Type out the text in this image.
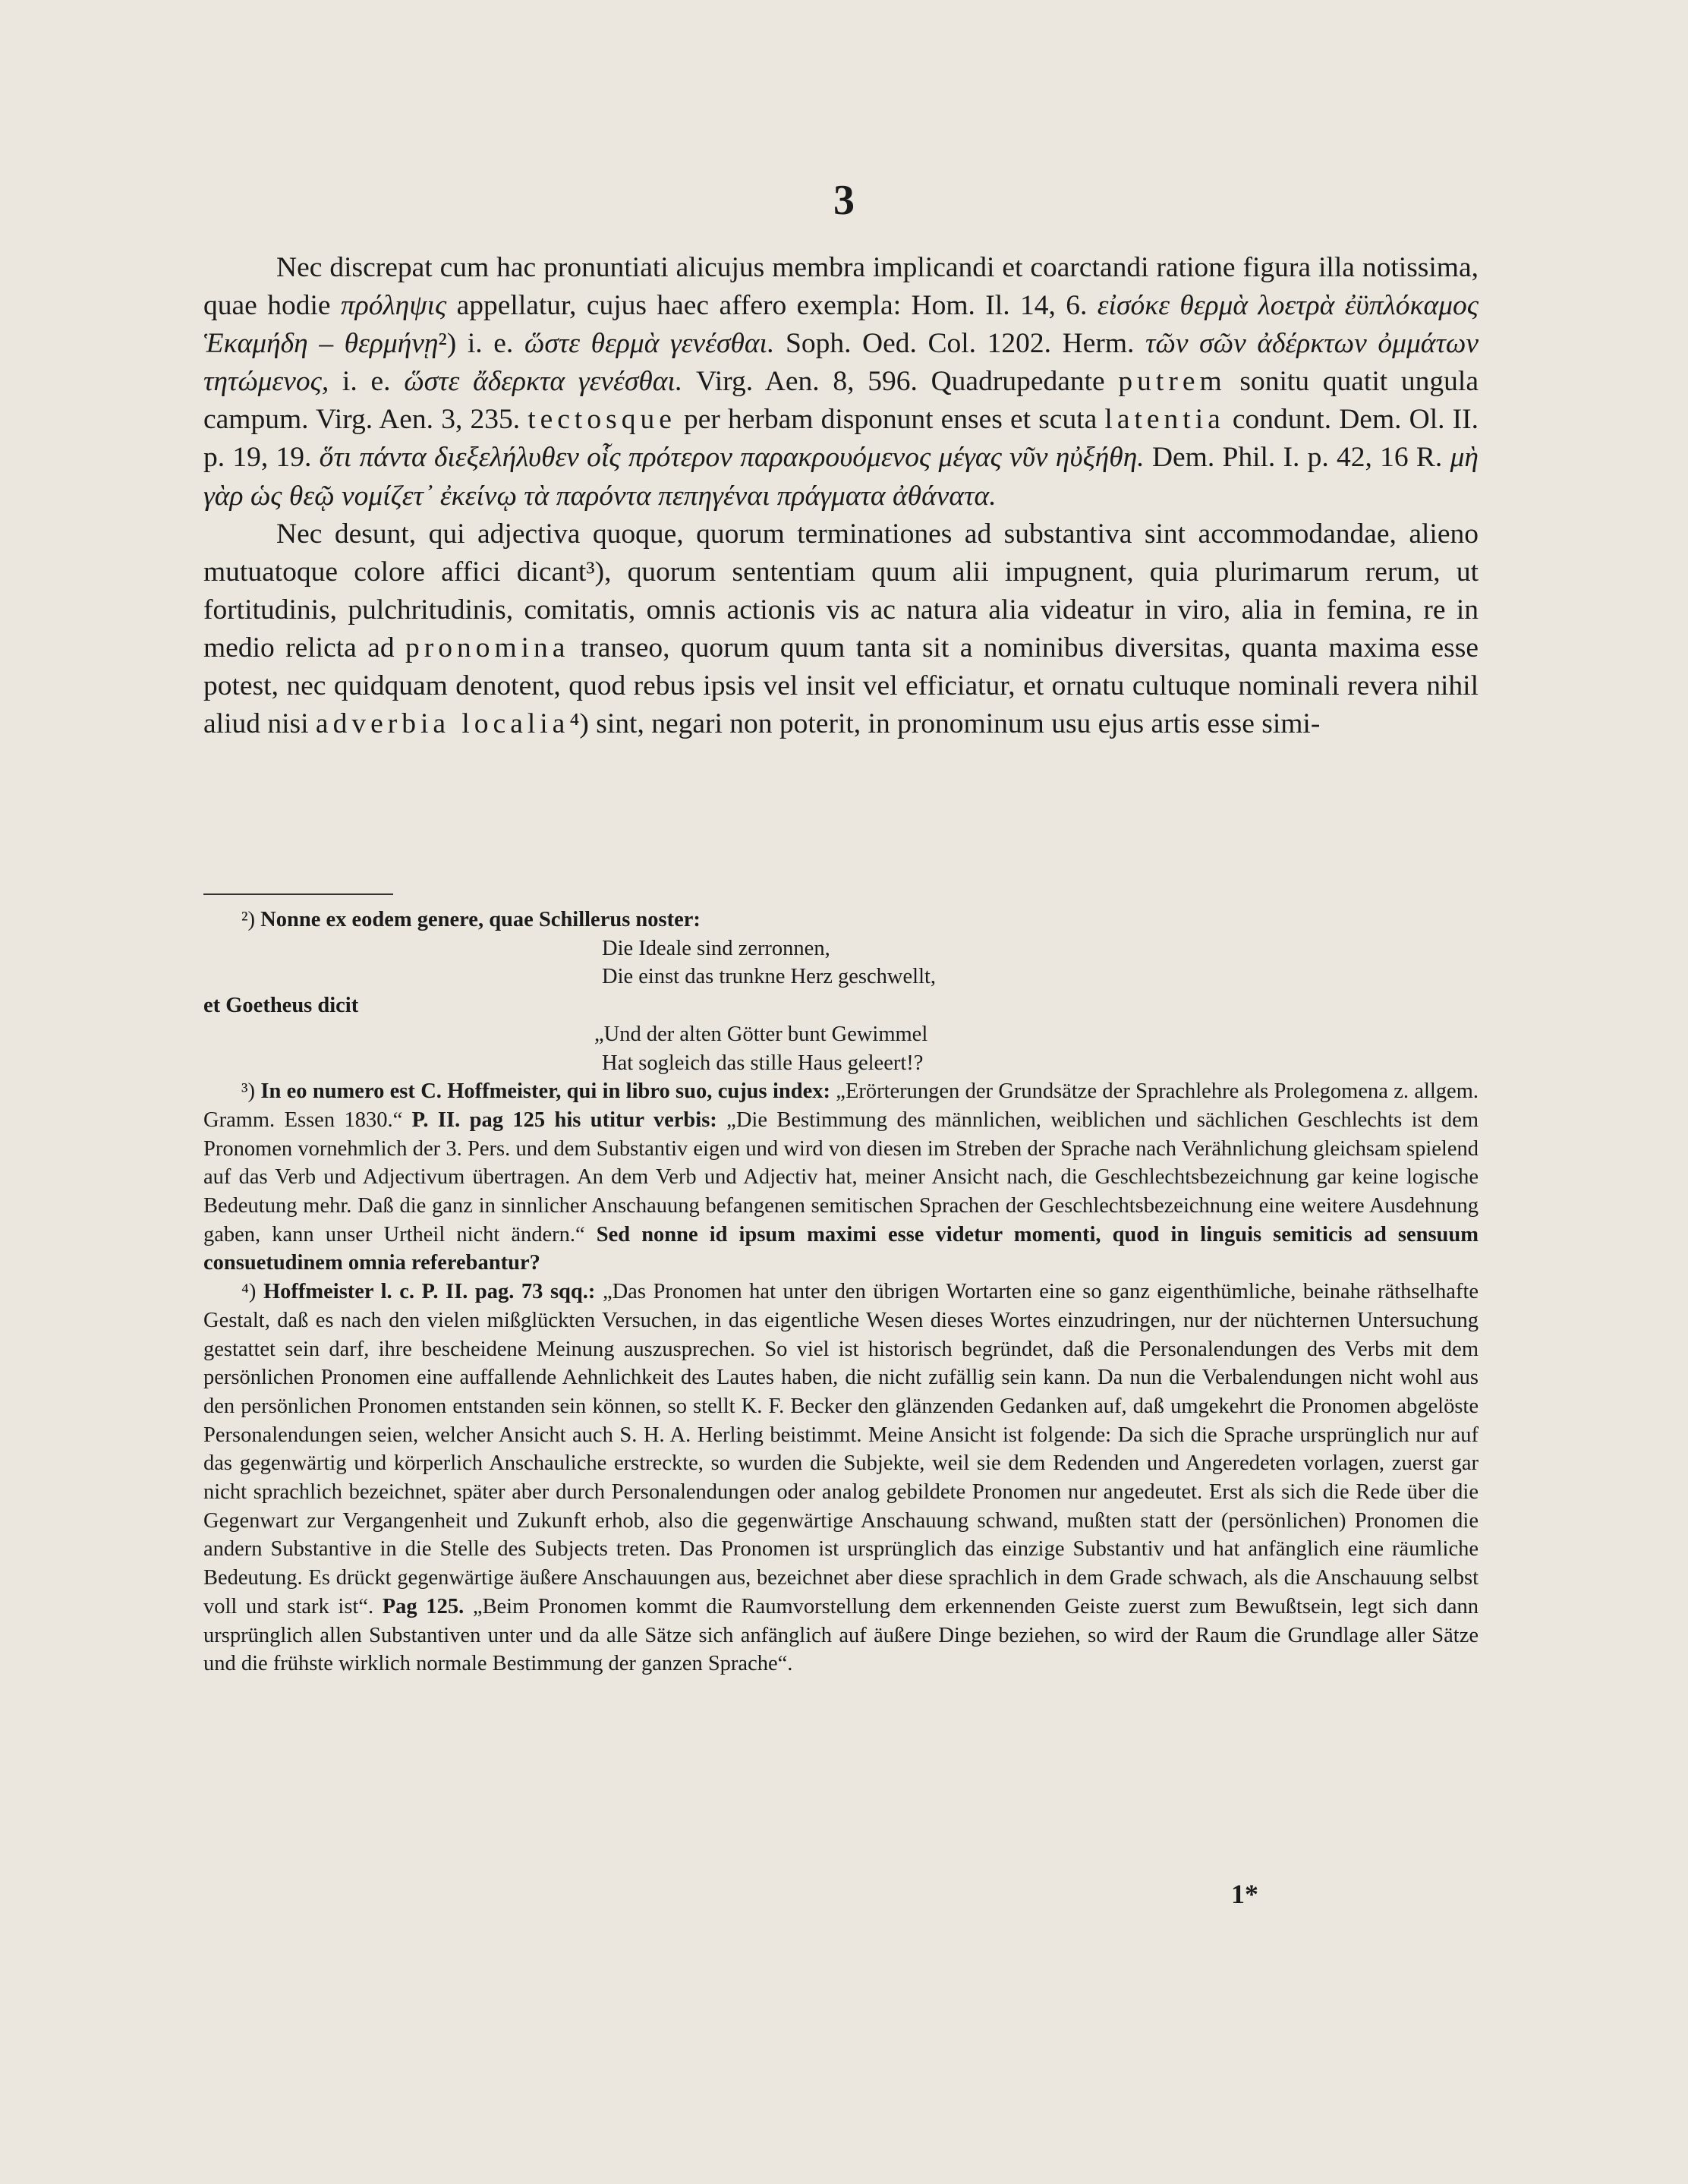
3

Nec discrepat cum hac pronuntiati alicujus membra implicandi et coarctandi ratione figura illa notissima, quae hodie πρόληψις appellatur, cujus haec affero exempla: Hom. Il. 14, 6. εἰσόκε θερμὰ λοετρὰ ἐϋπλόκαμος Ἑκαμήδη – θερμήνῃ²) i. e. ὥστε θερμὰ γενέσθαι. Soph. Oed. Col. 1202. Herm. τῶν σῶν ἀδέρκτων ὀμμάτων τητώμενος, i. e. ὥστε ἄδερκτα γενέσθαι. Virg. Aen. 8, 596. Quadrupedante putrem sonitu quatit ungula campum. Virg. Aen. 3, 235. tectosque per herbam disponunt enses et scuta latentia condunt. Dem. Ol. II. p. 19, 19. ὅτι πάντα διεξελήλυθεν οἷς πρότερον παρακρουόμενος μέγας νῦν ηὐξήθη. Dem. Phil. I. p. 42, 16 R. μὴ γὰρ ὡς θεῷ νομίζετ᾽ ἐκείνῳ τὰ παρόντα πεπηγέναι πράγματα ἀθάνατα.

Nec desunt, qui adjectiva quoque, quorum terminationes ad substantiva sint accommodandae, alieno mutuatoque colore affici dicant³), quorum sententiam quum alii impugnent, quia plurimarum rerum, ut fortitudinis, pulchritudinis, comitatis, omnis actionis vis ac natura alia videatur in viro, alia in femina, re in medio relicta ad pronomina transeo, quorum quum tanta sit a nominibus diversitas, quanta maxima esse potest, nec quidquam denotent, quod rebus ipsis vel insit vel efficiatur, et ornatu cultuque nominali revera nihil aliud nisi adverbia localia⁴) sint, negari non poterit, in pronominum usu ejus artis esse simi-

²) Nonne ex eodem genere, quae Schillerus noster:

Die Ideale sind zerronnen,

Die einst das trunkne Herz geschwellt,

et Goetheus dicit

„Und der alten Götter bunt Gewimmel

Hat sogleich das stille Haus geleert!?

³) In eo numero est C. Hoffmeister, qui in libro suo, cujus index: „Erörterungen der Grundsätze der Sprachlehre als Prolegomena z. allgem. Gramm. Essen 1830.“ P. II. pag 125 his utitur verbis: „Die Bestimmung des männlichen, weiblichen und sächlichen Geschlechts ist dem Pronomen vornehmlich der 3. Pers. und dem Substantiv eigen und wird von diesen im Streben der Sprache nach Verähnlichung gleichsam spielend auf das Verb und Adjectivum übertragen. An dem Verb und Adjectiv hat, meiner Ansicht nach, die Geschlechtsbezeichnung gar keine logische Bedeutung mehr. Daß die ganz in sinnlicher Anschauung befangenen semitischen Sprachen der Geschlechtsbezeichnung eine weitere Ausdehnung gaben, kann unser Urtheil nicht ändern.“ Sed nonne id ipsum maximi esse videtur momenti, quod in linguis semiticis ad sensuum consuetudinem omnia referebantur?

⁴) Hoffmeister l. c. P. II. pag. 73 sqq.: „Das Pronomen hat unter den übrigen Wortarten eine so ganz eigenthümliche, beinahe räthselhafte Gestalt, daß es nach den vielen mißglückten Versuchen, in das eigentliche Wesen dieses Wortes einzudringen, nur der nüchternen Untersuchung gestattet sein darf, ihre bescheidene Meinung auszusprechen. So viel ist historisch begründet, daß die Personalendungen des Verbs mit dem persönlichen Pronomen eine auffallende Aehnlichkeit des Lautes haben, die nicht zufällig sein kann. Da nun die Verbalendungen nicht wohl aus den persönlichen Pronomen entstanden sein können, so stellt K. F. Becker den glänzenden Gedanken auf, daß umgekehrt die Pronomen abgelöste Personalendungen seien, welcher Ansicht auch S. H. A. Herling beistimmt. Meine Ansicht ist folgende: Da sich die Sprache ursprünglich nur auf das gegenwärtig und körperlich Anschauliche erstreckte, so wurden die Subjekte, weil sie dem Redenden und Angeredeten vorlagen, zuerst gar nicht sprachlich bezeichnet, später aber durch Personalendungen oder analog gebildete Pronomen nur angedeutet. Erst als sich die Rede über die Gegenwart zur Vergangenheit und Zukunft erhob, also die gegenwärtige Anschauung schwand, mußten statt der (persönlichen) Pronomen die andern Substantive in die Stelle des Subjects treten. Das Pronomen ist ursprünglich das einzige Substantiv und hat anfänglich eine räumliche Bedeutung. Es drückt gegenwärtige äußere Anschauungen aus, bezeichnet aber diese sprachlich in dem Grade schwach, als die Anschauung selbst voll und stark ist“. Pag 125. „Beim Pronomen kommt die Raumvorstellung dem erkennenden Geiste zuerst zum Bewußtsein, legt sich dann ursprünglich allen Substantiven unter und da alle Sätze sich anfänglich auf äußere Dinge beziehen, so wird der Raum die Grundlage aller Sätze und die frühste wirklich normale Bestimmung der ganzen Sprache“.

1*
